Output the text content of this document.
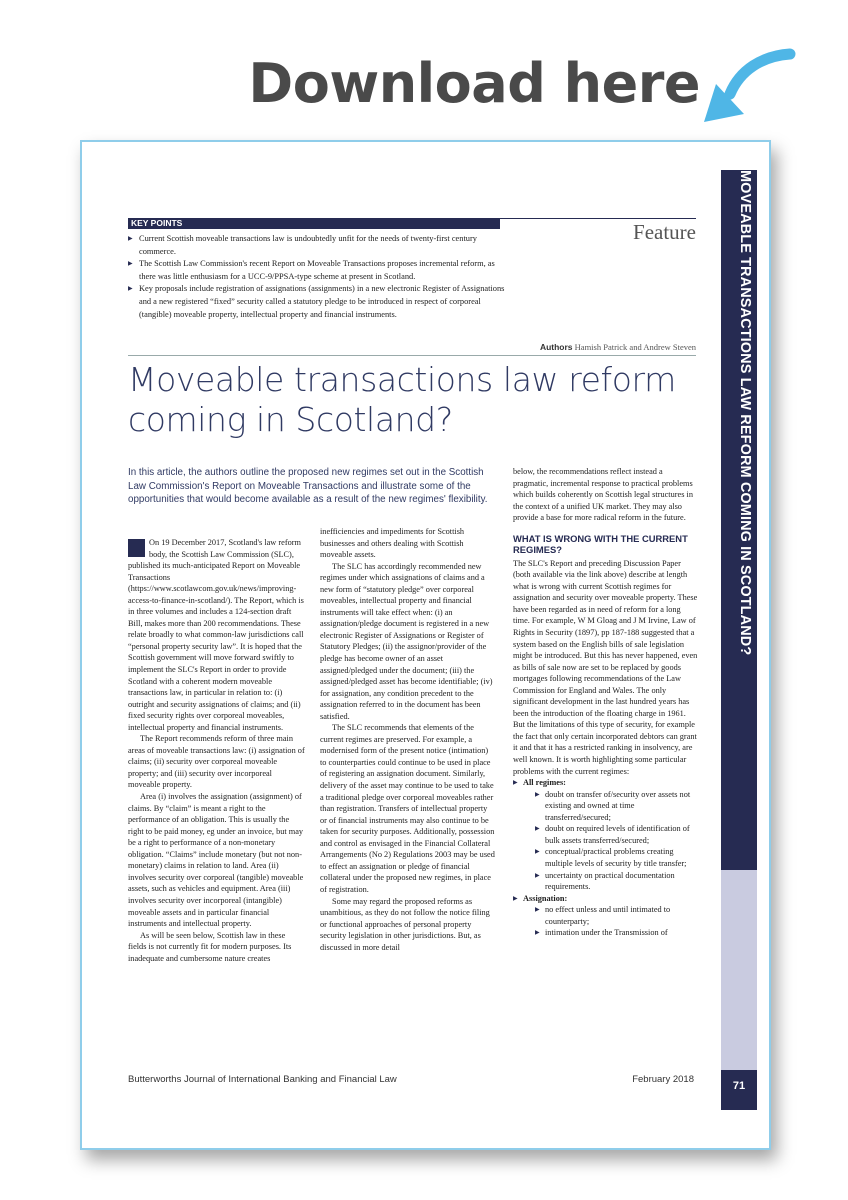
Download here
MOVEABLE TRANSACTIONS LAW REFORM COMING IN SCOTLAND?
71
KEY POINTS
▶ Current Scottish moveable transactions law is undoubtedly unfit for the needs of twenty-first century commerce.
▶ The Scottish Law Commission's recent Report on Moveable Transactions proposes incremental reform, as there was little enthusiasm for a UCC-9/PPSA-type scheme at present in Scotland.
▶ Key proposals include registration of assignations (assignments) in a new electronic Register of Assignations and a new registered “fixed” security called a statutory pledge to be introduced in respect of corporeal (tangible) moveable property, intellectual property and financial instruments.
Feature
Authors Hamish Patrick and Andrew Steven
Moveable transactions law reform coming in Scotland?
In this article, the authors outline the proposed new regimes set out in the Scottish Law Commission's Report on Moveable Transactions and illustrate some of the opportunities that would become available as a result of the new regimes' flexibility.

On 19 December 2017, Scotland's law reform body, the Scottish Law Commission (SLC), published its much-anticipated Report on Moveable Transactions (https://www.scotlawcom.gov.uk/news/improving-access-to-finance-in-scotland/). The Report, which is in three volumes and includes a 124-section draft Bill, makes more than 200 recommendations. These relate broadly to what common-law jurisdictions call “personal property security law”. It is hoped that the Scottish government will move forward swiftly to implement the SLC's Report in order to provide Scotland with a coherent modern moveable transactions law, in particular in relation to: (i) outright and security assignations of claims; and (ii) fixed security rights over corporeal moveables, intellectual property and financial instruments.

The Report recommends reform of three main areas of moveable transactions law: (i) assignation of claims; (ii) security over corporeal moveable property; and (iii) security over incorporeal moveable property.

Area (i) involves the assignation (assignment) of claims. By “claim” is meant a right to the performance of an obligation. This is usually the right to be paid money, eg under an invoice, but may be a right to performance of a non-monetary obligation. “Claims” include monetary (but not non-monetary) claims in relation to land. Area (ii) involves security over corporeal (tangible) moveable assets, such as vehicles and equipment. Area (iii) involves security over incorporeal (intangible) moveable assets and in particular financial instruments and intellectual property.

As will be seen below, Scottish law in these fields is not currently fit for modern purposes. Its inadequate and cumbersome nature creates

inefficiencies and impediments for Scottish businesses and others dealing with Scottish moveable assets.

The SLC has accordingly recommended new regimes under which assignations of claims and a new form of “statutory pledge” over corporeal moveables, intellectual property and financial instruments will take effect when: (i) an assignation/pledge document is registered in a new electronic Register of Assignations or Register of Statutory Pledges; (ii) the assignor/provider of the pledge has become owner of an asset assigned/pledged under the document; (iii) the assigned/pledged asset has become identifiable; (iv) for assignation, any condition precedent to the assignation referred to in the document has been satisfied.

The SLC recommends that elements of the current regimes are preserved. For example, a modernised form of the present notice (intimation) to counterparties could continue to be used in place of registering an assignation document. Similarly, delivery of the asset may continue to be used to take a traditional pledge over corporeal moveables rather than registration. Transfers of intellectual property or of financial instruments may also continue to be taken for security purposes. Additionally, possession and control as envisaged in the Financial Collateral Arrangements (No 2) Regulations 2003 may be used to effect an assignation or pledge of financial collateral under the proposed new regimes, in place of registration.

Some may regard the proposed reforms as unambitious, as they do not follow the notice filing or functional approaches of personal property security legislation in other jurisdictions. But, as discussed in more detail

below, the recommendations reflect instead a pragmatic, incremental response to practical problems which builds coherently on Scottish legal structures in the context of a unified UK market. They may also provide a base for more radical reform in the future.

WHAT IS WRONG WITH THE CURRENT REGIMES?

The SLC's Report and preceding Discussion Paper (both available via the link above) describe at length what is wrong with current Scottish regimes for assignation and security over moveable property. These have been regarded as in need of reform for a long time. For example, W M Gloag and J M Irvine, Law of Rights in Security (1897), pp 187-188 suggested that a system based on the English bills of sale legislation might be introduced. But this has never happened, even as bills of sale now are set to be replaced by goods mortgages following recommendations of the Law Commission for England and Wales. The only significant development in the last hundred years has been the introduction of the floating charge in 1961. But the limitations of this type of security, for example the fact that only certain incorporated debtors can grant it and that it has a restricted ranking in insolvency, are well known. It is worth highlighting some particular problems with the current regimes:

▶ All regimes:
▶ doubt on transfer of/security over assets not existing and owned at time transferred/secured;
▶ doubt on required levels of identification of bulk assets transferred/secured;
▶ conceptual/practical problems creating multiple levels of security by title transfer;
▶ uncertainty on practical documentation requirements.
▶ Assignation:
▶ no effect unless and until intimated to counterparty;
▶ intimation under the Transmission of
Butterworths Journal of International Banking and Financial Law	February 2018
